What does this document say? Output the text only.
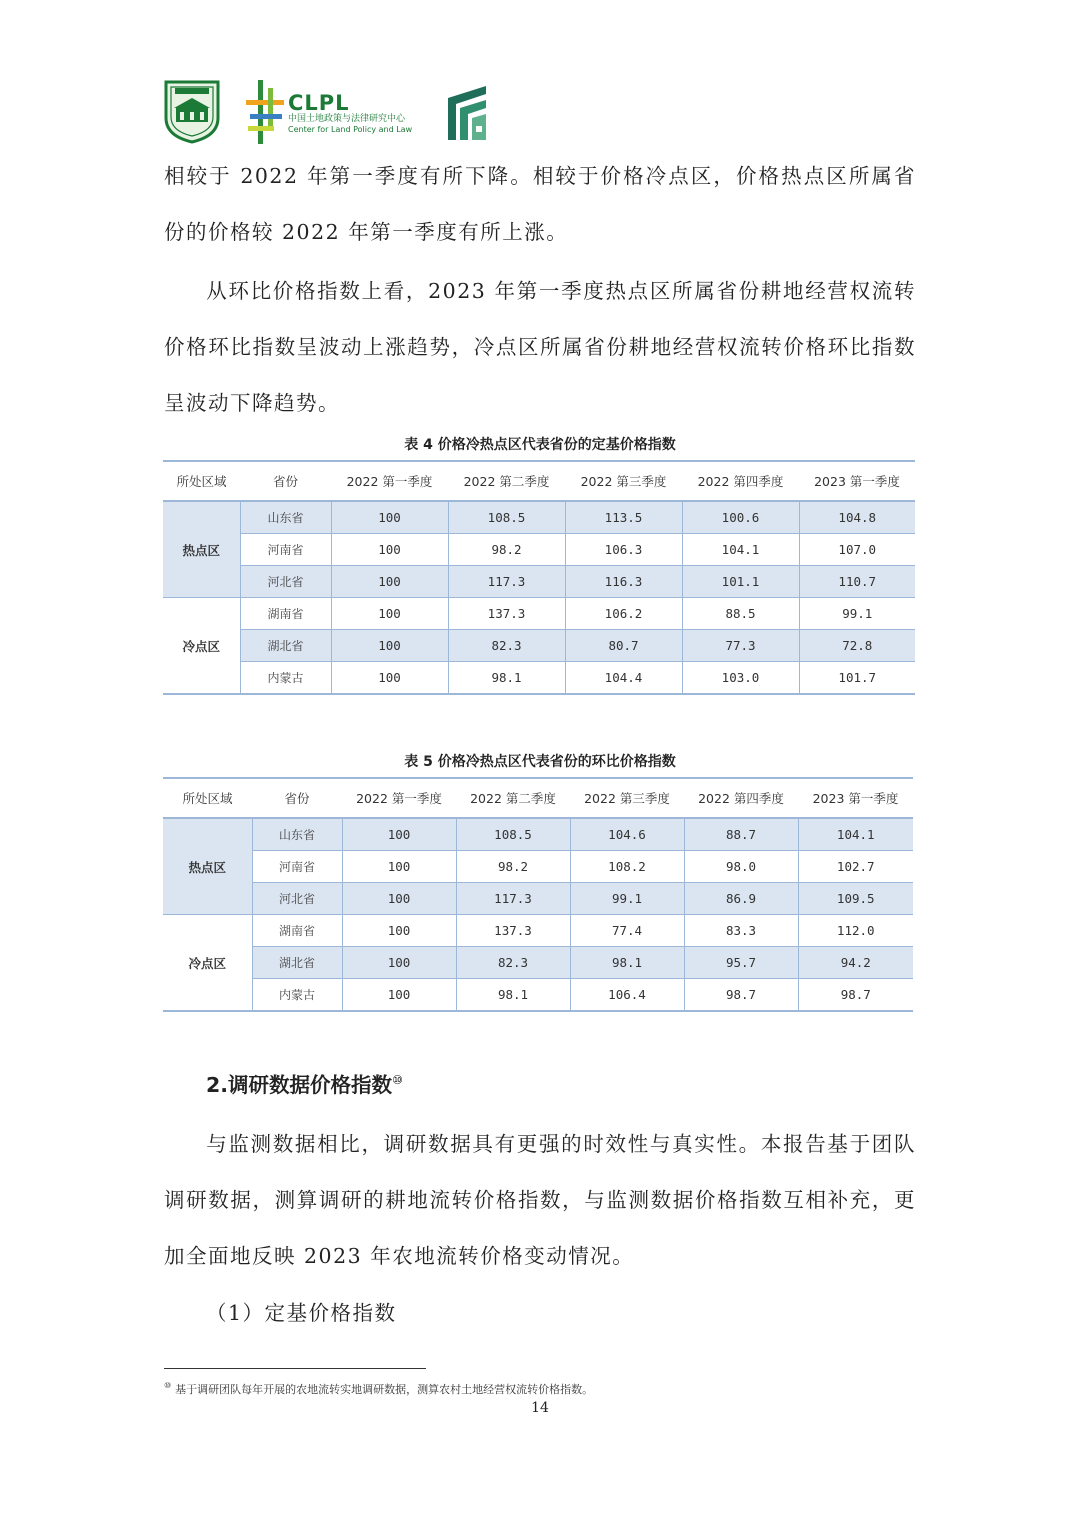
CLPL
中国土地政策与法律研究中心
Center for Land Policy and Law
相较于 2022 年第一季度有所下降。相较于价格冷点区，价格热点区所属省份的价格较 2022 年第一季度有所上涨。
从环比价格指数上看，2023 年第一季度热点区所属省份耕地经营权流转价格环比指数呈波动上涨趋势，冷点区所属省份耕地经营权流转价格环比指数呈波动下降趋势。
表 4 价格冷热点区代表省份的定基价格指数
所处区域	省份	2022 第一季度	2022 第二季度	2022 第三季度	2022 第四季度	2023 第一季度
热点区	山东省	100	108.5	113.5	100.6	104.8
	河南省	100	98.2	106.3	104.1	107.0
	河北省	100	117.3	116.3	101.1	110.7
冷点区	湖南省	100	137.3	106.2	88.5	99.1
	湖北省	100	82.3	80.7	77.3	72.8
	内蒙古	100	98.1	104.4	103.0	101.7
表 5 价格冷热点区代表省份的环比价格指数
所处区域	省份	2022 第一季度	2022 第二季度	2022 第三季度	2022 第四季度	2023 第一季度
热点区	山东省	100	108.5	104.6	88.7	104.1
	河南省	100	98.2	108.2	98.0	102.7
	河北省	100	117.3	99.1	86.9	109.5
冷点区	湖南省	100	137.3	77.4	83.3	112.0
	湖北省	100	82.3	98.1	95.7	94.2
	内蒙古	100	98.1	106.4	98.7	98.7
2.调研数据价格指数⑩
与监测数据相比，调研数据具有更强的时效性与真实性。本报告基于团队调研数据，测算调研的耕地流转价格指数，与监测数据价格指数互相补充，更加全面地反映 2023 年农地流转价格变动情况。
（1）定基价格指数
⑩ 基于调研团队每年开展的农地流转实地调研数据，测算农村土地经营权流转价格指数。
14
